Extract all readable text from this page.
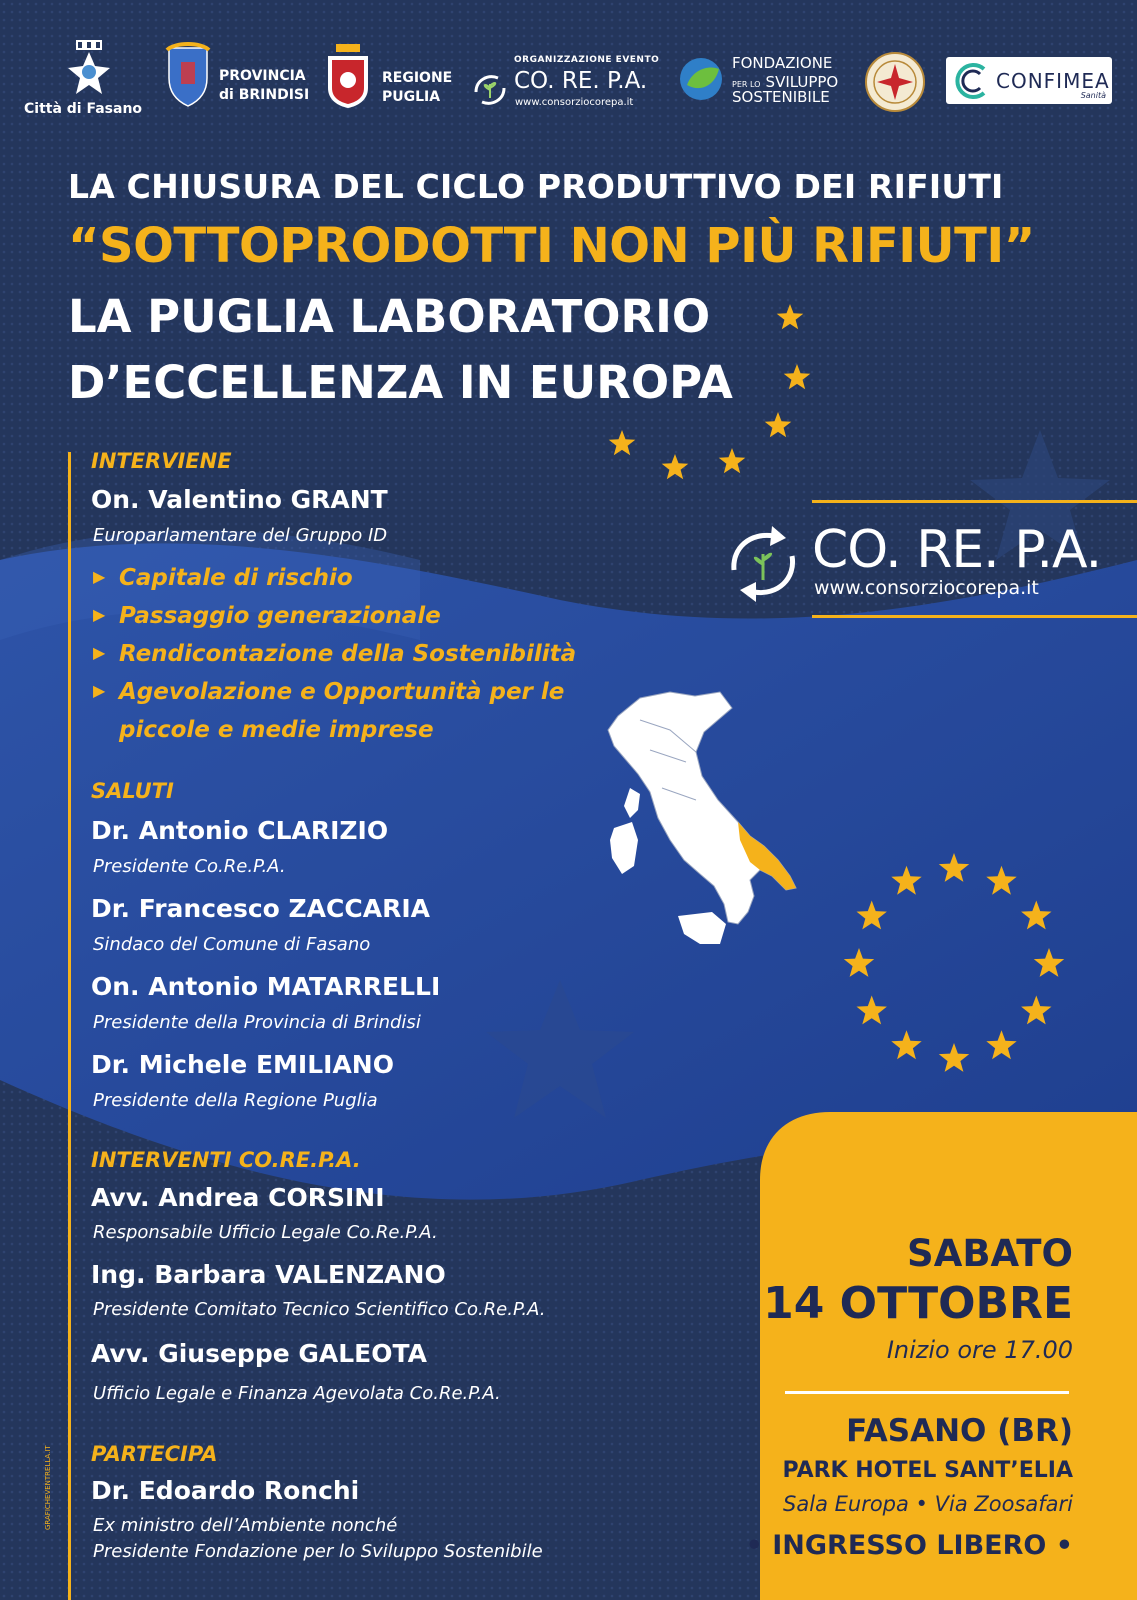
Città di Fasano
PROVINCIA
di BRINDISI
REGIONE
PUGLIA
ORGANIZZAZIONE EVENTO
CO. RE. P.A.
www.consorziocorepa.it
FONDAZIONE
PER LO SVILUPPO
SOSTENIBILE
CONFIMEA
Sanità
LA CHIUSURA DEL CICLO PRODUTTIVO DEI RIFIUTI
“SOTTOPRODOTTI NON PIÙ RIFIUTI”
LA PUGLIA LABORATORIO
D’ECCELLENZA IN EUROPA
CO. RE. P.A.
www.consorziocorepa.it
INTERVIENE
On. Valentino GRANT
Europarlamentare del Gruppo ID
▶ Capitale di rischio
▶ Passaggio generazionale
▶ Rendicontazione della Sostenibilità
▶ Agevolazione e Opportunità per le
piccole e medie imprese
SALUTI
Dr. Antonio CLARIZIO
Presidente Co.Re.P.A.
Dr. Francesco ZACCARIA
Sindaco del Comune di Fasano
On. Antonio MATARRELLI
Presidente della Provincia di Brindisi
Dr. Michele EMILIANO
Presidente della Regione Puglia
INTERVENTI CO.RE.P.A.
Avv. Andrea CORSINI
Responsabile Ufficio Legale Co.Re.P.A.
Ing. Barbara VALENZANO
Presidente Comitato Tecnico Scientifico Co.Re.P.A.
Avv. Giuseppe GALEOTA
Ufficio Legale e Finanza Agevolata Co.Re.P.A.
PARTECIPA
Dr. Edoardo Ronchi
Ex ministro dell’Ambiente nonché
Presidente Fondazione per lo Sviluppo Sostenibile
GRAFICHEVENTRELLA.IT
SABATO
14 OTTOBRE
Inizio ore 17.00
FASANO (BR)
PARK HOTEL SANT’ELIA
Sala Europa • Via Zoosafari
• INGRESSO LIBERO •
